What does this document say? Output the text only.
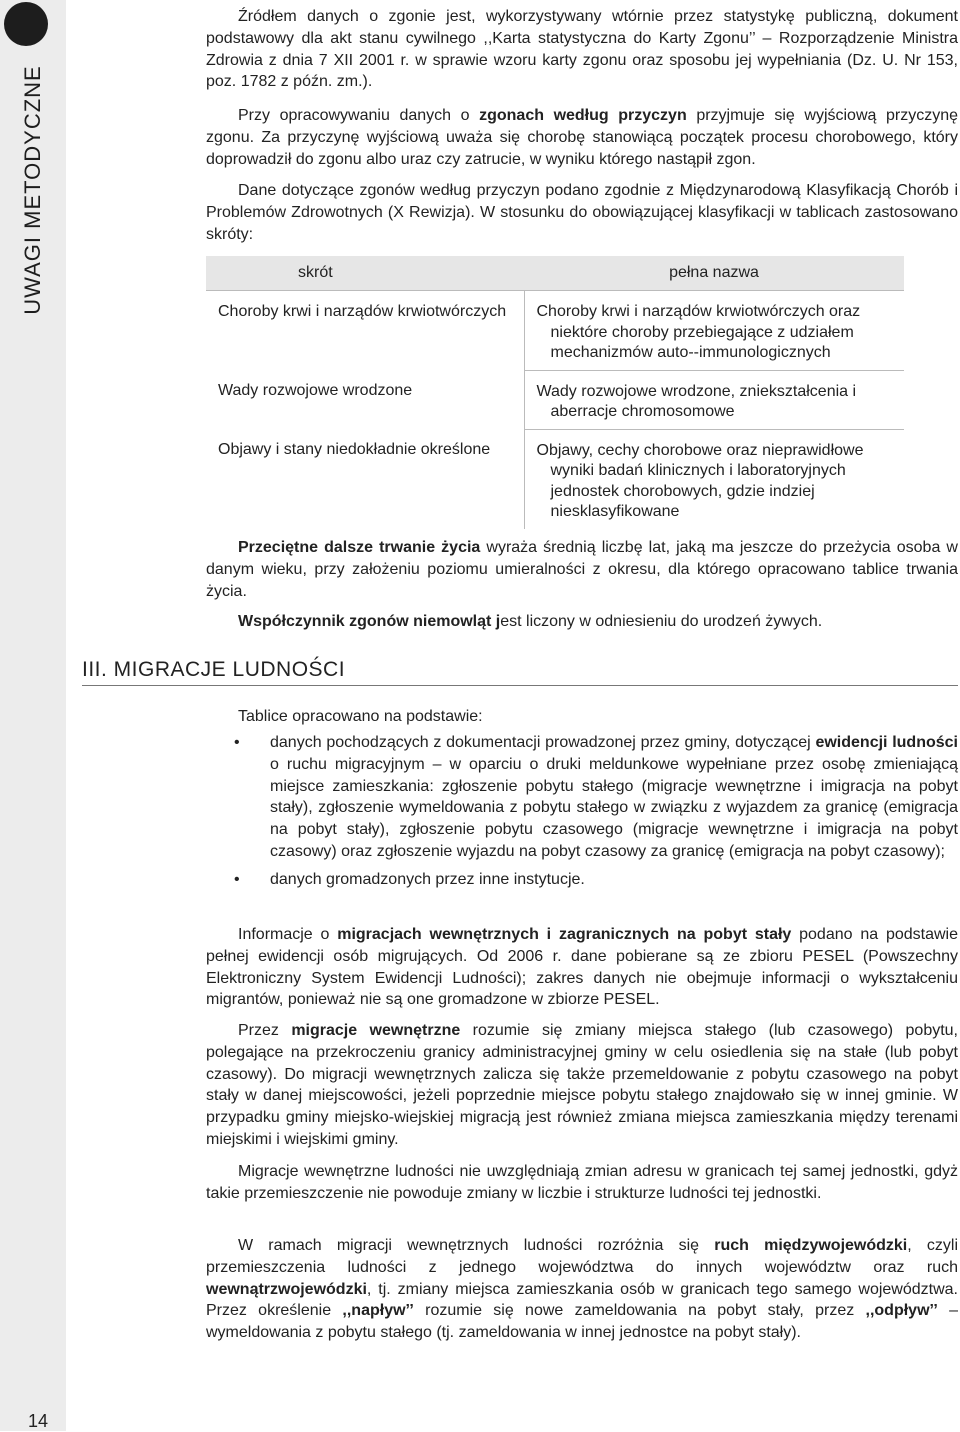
UWAGI METODYCZNE
14

Źródłem danych o zgonie jest, wykorzystywany wtórnie przez statystykę publiczną, dokument podstawowy dla akt stanu cywilnego ,,Karta statystyczna do Karty Zgonu’’ – Rozporządzenie Ministra Zdrowia z dnia 7 XII 2001 r. w sprawie wzoru karty zgonu oraz sposobu jej wypełniania (Dz. U. Nr 153, poz. 1782 z późn. zm.).

Przy opracowywaniu danych o zgonach według przyczyn przyjmuje się wyjściową przyczynę zgonu. Za przyczynę wyjściową uważa się chorobę stanowiącą początek procesu chorobowego, który doprowadził do zgonu albo uraz czy zatrucie, w wyniku którego nastąpił zgon.

Dane dotyczące zgonów według przyczyn podano zgodnie z Międzynarodową Klasyfikacją Chorób i Problemów Zdrowotnych (X Rewizja). W stosunku do obowiązującej klasyfikacji w tablicach zastosowano skróty:

skrót	pełna nazwa

Choroby krwi i narządów krwiotwórczych	Choroby krwi i narządów krwiotwórczych oraz niektóre choroby przebiegające z udziałem mechanizmów auto--immunologicznych

Wady rozwojowe wrodzone	Wady rozwojowe wrodzone, zniekształcenia i aberracje chromosomowe

Objawy i stany niedokładnie określone	Objawy, cechy chorobowe oraz nieprawidłowe wyniki badań klinicznych i laboratoryjnych jednostek chorobowych, gdzie indziej niesklasyfikowane

Przeciętne dalsze trwanie życia wyraża średnią liczbę lat, jaką ma jeszcze do przeżycia osoba w danym wieku, przy założeniu poziomu umieralności z okresu, dla którego opracowano tablice trwania życia.

Współczynnik zgonów niemowląt jest liczony w odniesieniu do urodzeń żywych.

III. MIGRACJE LUDNOŚCI

Tablice opracowano na podstawie:

• danych pochodzących z dokumentacji prowadzonej przez gminy, dotyczącej ewidencji ludności o ruchu migracyjnym – w oparciu o druki meldunkowe wypełniane przez osobę zmieniającą miejsce zamieszkania: zgłoszenie pobytu stałego (migracje wewnętrzne i imigracja na pobyt stały), zgłoszenie wymeldowania z pobytu stałego w związku z wyjazdem za granicę (emigracja na pobyt stały), zgłoszenie pobytu czasowego (migracje wewnętrzne i imigracja na pobyt czasowy) oraz zgłoszenie wyjazdu na pobyt czasowy za granicę (emigracja na pobyt czasowy);
• danych gromadzonych przez inne instytucje.

Informacje o migracjach wewnętrznych i zagranicznych na pobyt stały podano na podstawie pełnej ewidencji osób migrujących. Od 2006 r. dane pobierane są ze zbioru PESEL (Powszechny Elektroniczny System Ewidencji Ludności); zakres danych nie obejmuje informacji o wykształceniu migrantów, ponieważ nie są one gromadzone w zbiorze PESEL.

Przez migracje wewnętrzne rozumie się zmiany miejsca stałego (lub czasowego) pobytu, polegające na przekroczeniu granicy administracyjnej gminy w celu osiedlenia się na stałe (lub pobyt czasowy). Do migracji wewnętrznych zalicza się także przemeldowanie z pobytu czasowego na pobyt stały w danej miejscowości, jeżeli poprzednie miejsce pobytu stałego znajdowało się w innej gminie. W przypadku gminy miejsko-wiejskiej migracją jest również zmiana miejsca zamieszkania między terenami miejskimi i wiejskimi gminy.

Migracje wewnętrzne ludności nie uwzględniają zmian adresu w granicach tej samej jednostki, gdyż takie przemieszczenie nie powoduje zmiany w liczbie i strukturze ludności tej jednostki.

W ramach migracji wewnętrznych ludności rozróżnia się ruch międzywojewódzki, czyli przemieszczenia ludności z jednego województwa do innych województw oraz ruch wewnątrzwojewódzki, tj. zmiany miejsca zamieszkania osób w granicach tego samego województwa. Przez określenie ,,napływ’’ rozumie się nowe zameldowania na pobyt stały, przez ,,odpływ’’ – wymeldowania z pobytu stałego (tj. zameldowania w innej jednostce na pobyt stały).
